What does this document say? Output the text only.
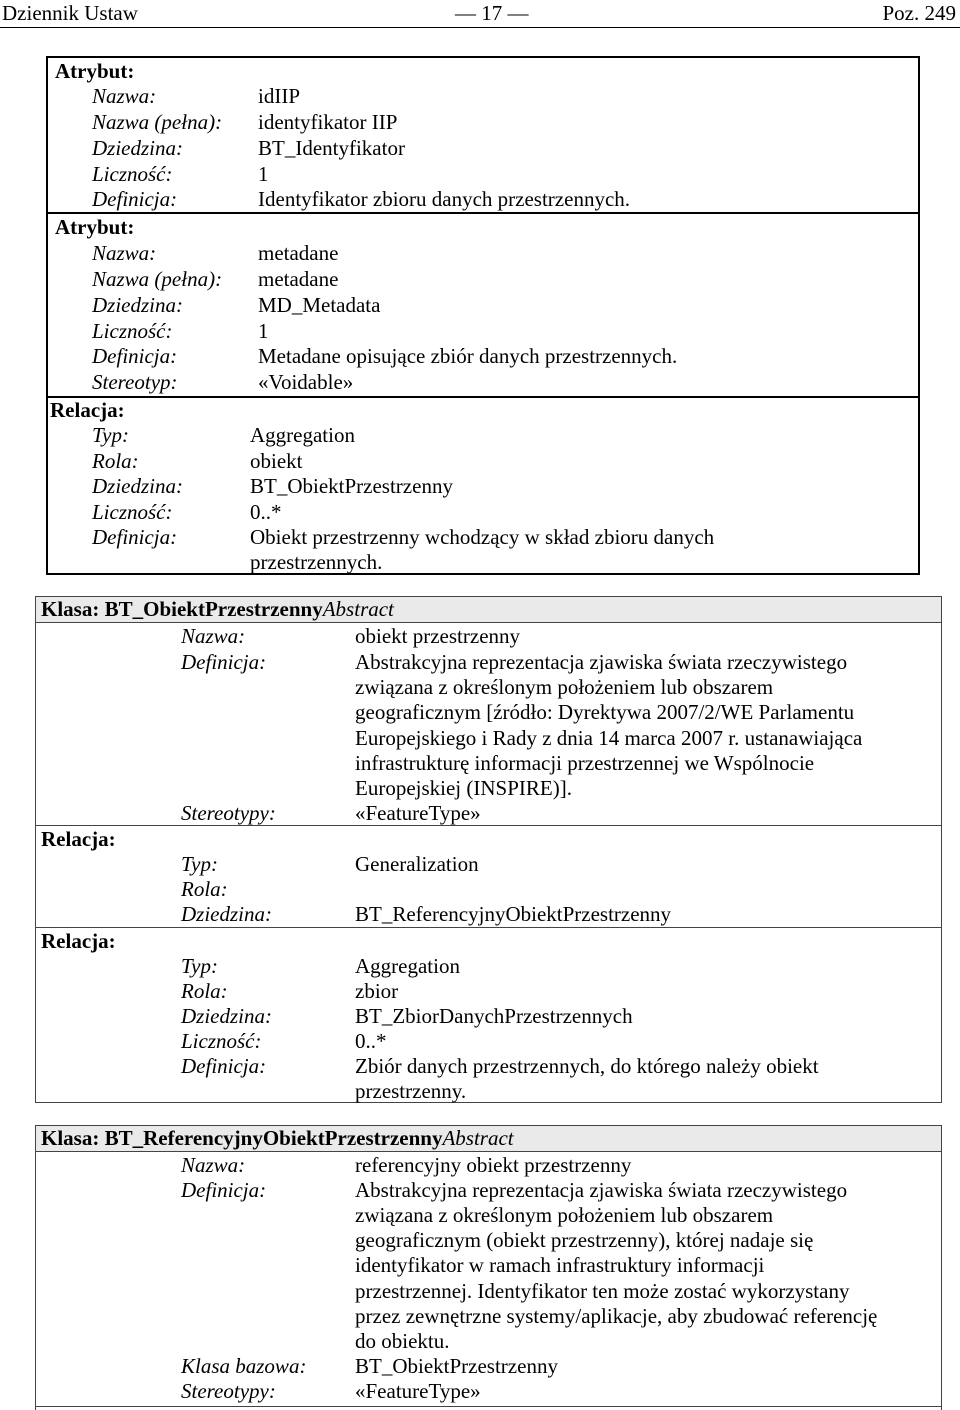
Dziennik Ustaw	— 17 —	Poz. 249
Atrybut:
Nazwa:	idIIP
Nazwa (pełna): identyfikator IIP
Dziedzina:	BT_Identyfikator
Liczność:	1
Definicja:	Identyfikator zbioru danych przestrzennych.
Atrybut:
Nazwa:	metadane
Nazwa (pełna): metadane
Dziedzina:	MD_Metadata
Liczność:	1
Definicja:	Metadane opisujące zbiór danych przestrzennych.
Stereotyp:	«Voidable»
Relacja:
Typ:	Aggregation
Rola:	obiekt
Dziedzina:	BT_ObiektPrzestrzenny
Liczność:	0..*
Definicja:	Obiekt przestrzenny wchodzący w skład zbioru danych
przestrzennych.
Klasa: BT_ObiektPrzestrzennyAbstract
Nazwa:	obiekt przestrzenny
Definicja:	Abstrakcyjna reprezentacja zjawiska świata rzeczywistego
związana z określonym położeniem lub obszarem
geograficznym [źródło: Dyrektywa 2007/2/WE Parlamentu
Europejskiego i Rady z dnia 14 marca 2007 r. ustanawiająca
infrastrukturę informacji przestrzennej we Wspólnocie
Europejskiej (INSPIRE)].
Stereotypy:	«FeatureType»
Relacja:
Typ:	Generalization
Rola:
Dziedzina:	BT_ReferencyjnyObiektPrzestrzenny
Relacja:
Typ:	Aggregation
Rola:	zbior
Dziedzina:	BT_ZbiorDanychPrzestrzennych
Liczność:	0..*
Definicja:	Zbiór danych przestrzennych, do którego należy obiekt
przestrzenny.
Klasa: BT_ReferencyjnyObiektPrzestrzennyAbstract
Nazwa:	referencyjny obiekt przestrzenny
Definicja:	Abstrakcyjna reprezentacja zjawiska świata rzeczywistego
związana z określonym położeniem lub obszarem
geograficznym (obiekt przestrzenny), której nadaje się
identyfikator w ramach infrastruktury informacji
przestrzennej. Identyfikator ten może zostać wykorzystany
przez zewnętrzne systemy/aplikacje, aby zbudować referencję
do obiektu.
Klasa bazowa: BT_ObiektPrzestrzenny
Stereotypy:	«FeatureType»
